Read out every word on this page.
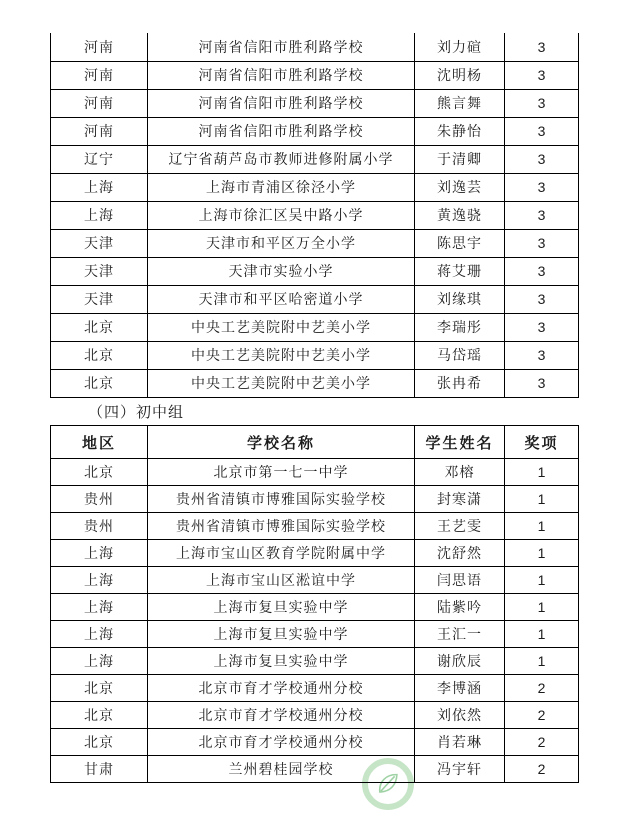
河南	河南省信阳市胜利路学校	刘力碹	3
河南	河南省信阳市胜利路学校	沈明杨	3
河南	河南省信阳市胜利路学校	熊言舞	3
河南	河南省信阳市胜利路学校	朱静怡	3
辽宁	辽宁省葫芦岛市教师进修附属小学	于清卿	3
上海	上海市青浦区徐泾小学	刘逸芸	3
上海	上海市徐汇区吴中路小学	黄逸骁	3
天津	天津市和平区万全小学	陈思宇	3
天津	天津市实验小学	蒋艾珊	3
天津	天津市和平区哈密道小学	刘缘琪	3
北京	中央工艺美院附中艺美小学	李瑞彤	3
北京	中央工艺美院附中艺美小学	马岱瑶	3
北京	中央工艺美院附中艺美小学	张冉希	3
（四）初中组
地区	学校名称	学生姓名	奖项
北京	北京市第一七一中学	邓榕	1
贵州	贵州省清镇市博雅国际实验学校	封寒潇	1
贵州	贵州省清镇市博雅国际实验学校	王艺雯	1
上海	上海市宝山区教育学院附属中学	沈舒然	1
上海	上海市宝山区淞谊中学	闫思语	1
上海	上海市复旦实验中学	陆紫吟	1
上海	上海市复旦实验中学	王汇一	1
上海	上海市复旦实验中学	谢欣辰	1
北京	北京市育才学校通州分校	李博涵	2
北京	北京市育才学校通州分校	刘依然	2
北京	北京市育才学校通州分校	肖若琳	2
甘肃	兰州碧桂园学校	冯宇轩	2
